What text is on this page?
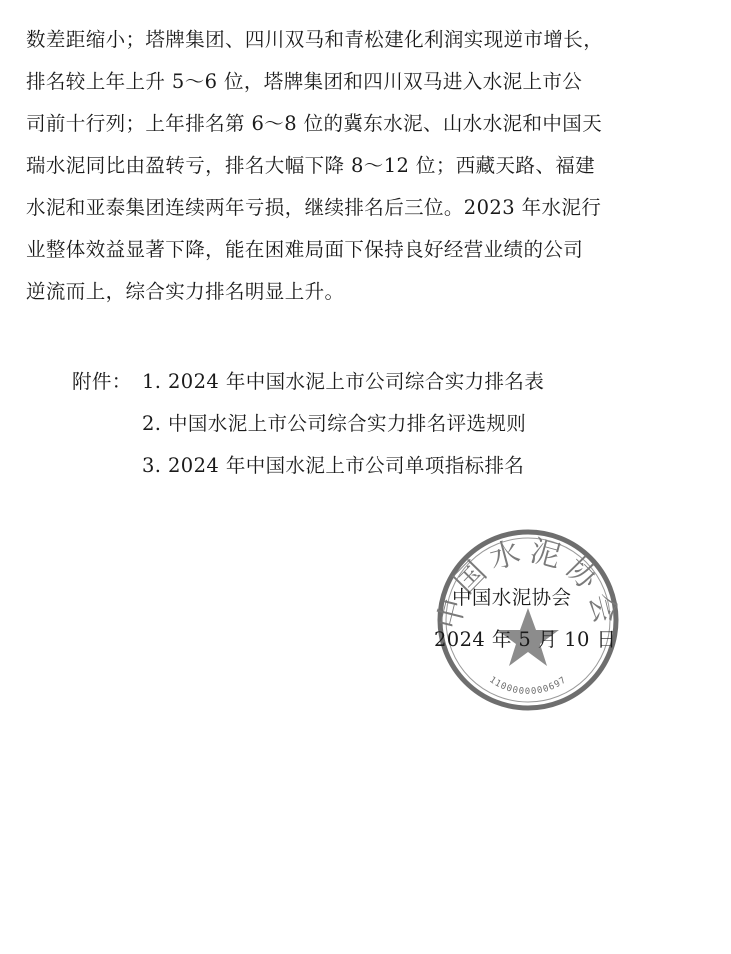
数差距缩小；塔牌集团、四川双马和青松建化利润实现逆市增长，
排名较上年上升 5～6 位，塔牌集团和四川双马进入水泥上市公
司前十行列；上年排名第 6～8 位的冀东水泥、山水水泥和中国天
瑞水泥同比由盈转亏，排名大幅下降 8～12 位；西藏天路、福建
水泥和亚泰集团连续两年亏损，继续排名后三位。2023 年水泥行
业整体效益显著下降，能在困难局面下保持良好经营业绩的公司
逆流而上，综合实力排名明显上升。
附件： 1. 2024 年中国水泥上市公司综合实力排名表
2. 中国水泥上市公司综合实力排名评选规则
3. 2024 年中国水泥上市公司单项指标排名
中国水泥协会
1100000000697
中国水泥协会
2024 年 5 月 10 日
